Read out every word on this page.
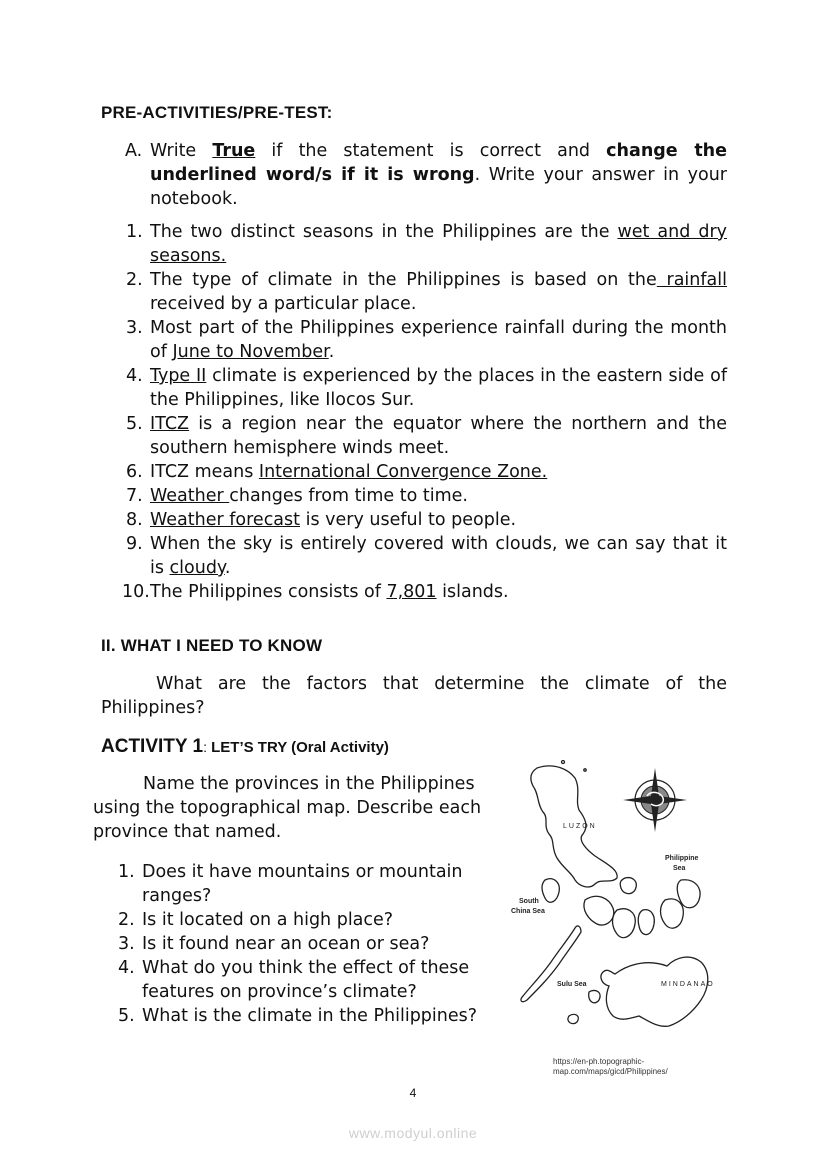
PRE-ACTIVITIES/PRE-TEST:
A. Write True if the statement is correct and change the underlined word/s if it is wrong. Write your answer in your notebook.
1. The two distinct seasons in the Philippines are the wet and dry seasons.
2. The type of climate in the Philippines is based on the rainfall received by a particular place.
3. Most part of the Philippines experience rainfall during the month of June to November.
4. Type II climate is experienced by the places in the eastern side of the Philippines, like Ilocos Sur.
5. ITCZ is a region near the equator where the northern and the southern hemisphere winds meet.
6. ITCZ means International Convergence Zone.
7. Weather changes from time to time.
8. Weather forecast is very useful to people.
9. When the sky is entirely covered with clouds, we can say that it is cloudy.
10. The Philippines consists of 7,801 islands.
II. WHAT I NEED TO KNOW
What are the factors that determine the climate of the Philippines?
ACTIVITY 1: LET’S TRY (Oral Activity)
Name the provinces in the Philippines using the topographical map. Describe each province that named.
1. Does it have mountains or mountain ranges?
2. Is it located on a high place?
3. Is it found near an ocean or sea?
4. What do you think the effect of these features on province’s climate?
5. What is the climate in the Philippines?
LUZON
Philippine
Sea
South
China Sea
Sulu Sea	MINDANAO
https://en-ph.topographic-
map.com/maps/gicd/Philippines/
4
www.modyul.online
